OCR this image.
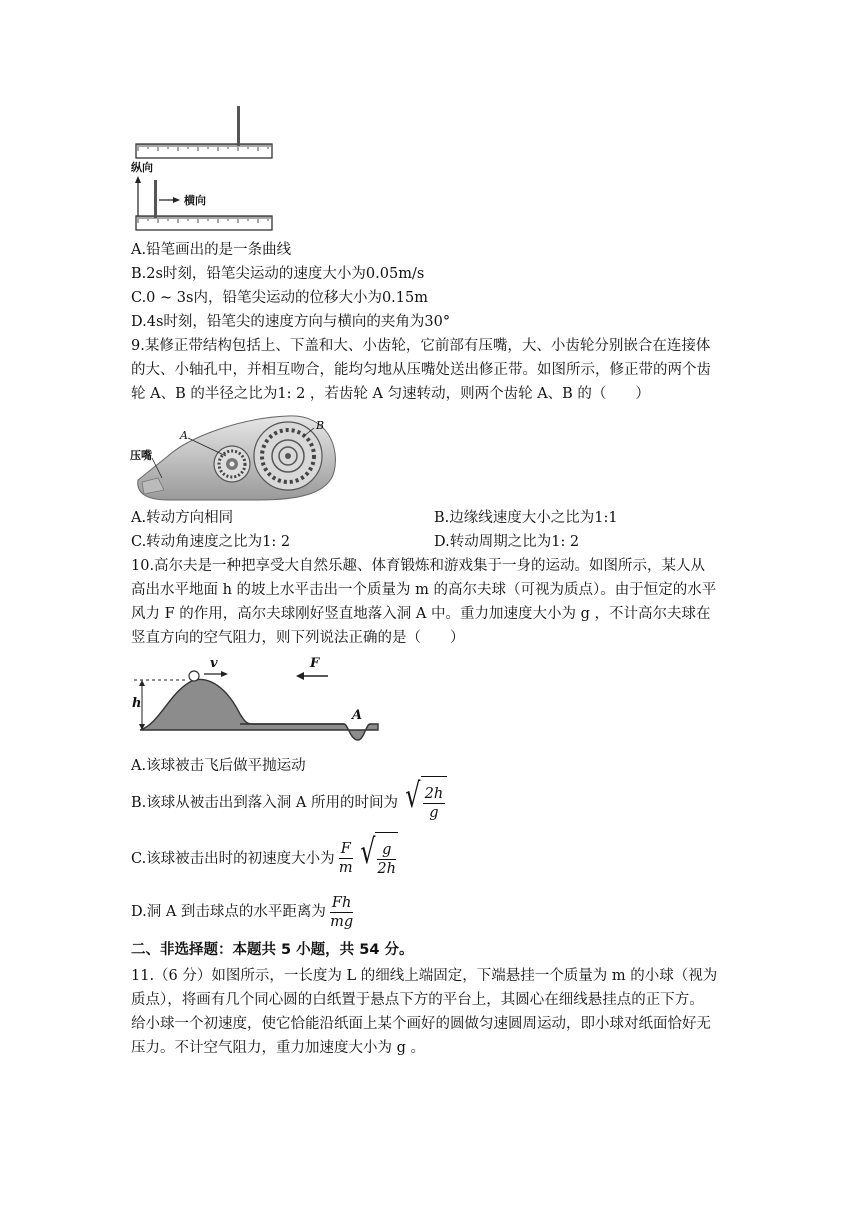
纵向
横向
A.铅笔画出的是一条曲线
B.2s时刻，铅笔尖运动的速度大小为0.05m/s
C.0 ~ 3s内，铅笔尖运动的位移大小为0.15m
D.4s时刻，铅笔尖的速度方向与横向的夹角为30°
9.某修正带结构包括上、下盖和大、小齿轮，它前部有压嘴，大、小齿轮分别嵌合在连接体
的大、小轴孔中，并相互吻合，能均匀地从压嘴处送出修正带。如图所示，修正带的两个齿
轮 A、B 的半径之比为1: 2 ，若齿轮 A 匀速转动，则两个齿轮 A、B 的（　　）
压嘴
A
B
A.转动方向相同	B.边缘线速度大小之比为1:1
C.转动角速度之比为1: 2	D.转动周期之比为1: 2
10.高尔夫是一种把享受大自然乐趣、体育锻炼和游戏集于一身的运动。如图所示，某人从
高出水平地面 h 的坡上水平击出一个质量为 m 的高尔夫球（可视为质点）。由于恒定的水平
风力 F 的作用，高尔夫球刚好竖直地落入洞 A 中。重力加速度大小为 g ，不计高尔夫球在
竖直方向的空气阻力，则下列说法正确的是（　　）
v	F
h
A
A.该球被击飞后做平抛运动
B.该球从被击出到落入洞 A 所用的时间为 √ $\frac{2h}{g}$
C.该球被击出时的初速度大小为 $\frac{F}{m}$ √ $\frac{g}{2h}$
D.洞 A 到击球点的水平距离为 $\frac{Fh}{mg}$
二、非选择题：本题共 5 小题，共 54 分。
11.（6 分）如图所示，一长度为 L 的细线上端固定，下端悬挂一个质量为 m 的小球（视为
质点），将画有几个同心圆的白纸置于悬点下方的平台上，其圆心在细线悬挂点的正下方。
给小球一个初速度，使它恰能沿纸面上某个画好的圆做匀速圆周运动，即小球对纸面恰好无
压力。不计空气阻力，重力加速度大小为 g 。
